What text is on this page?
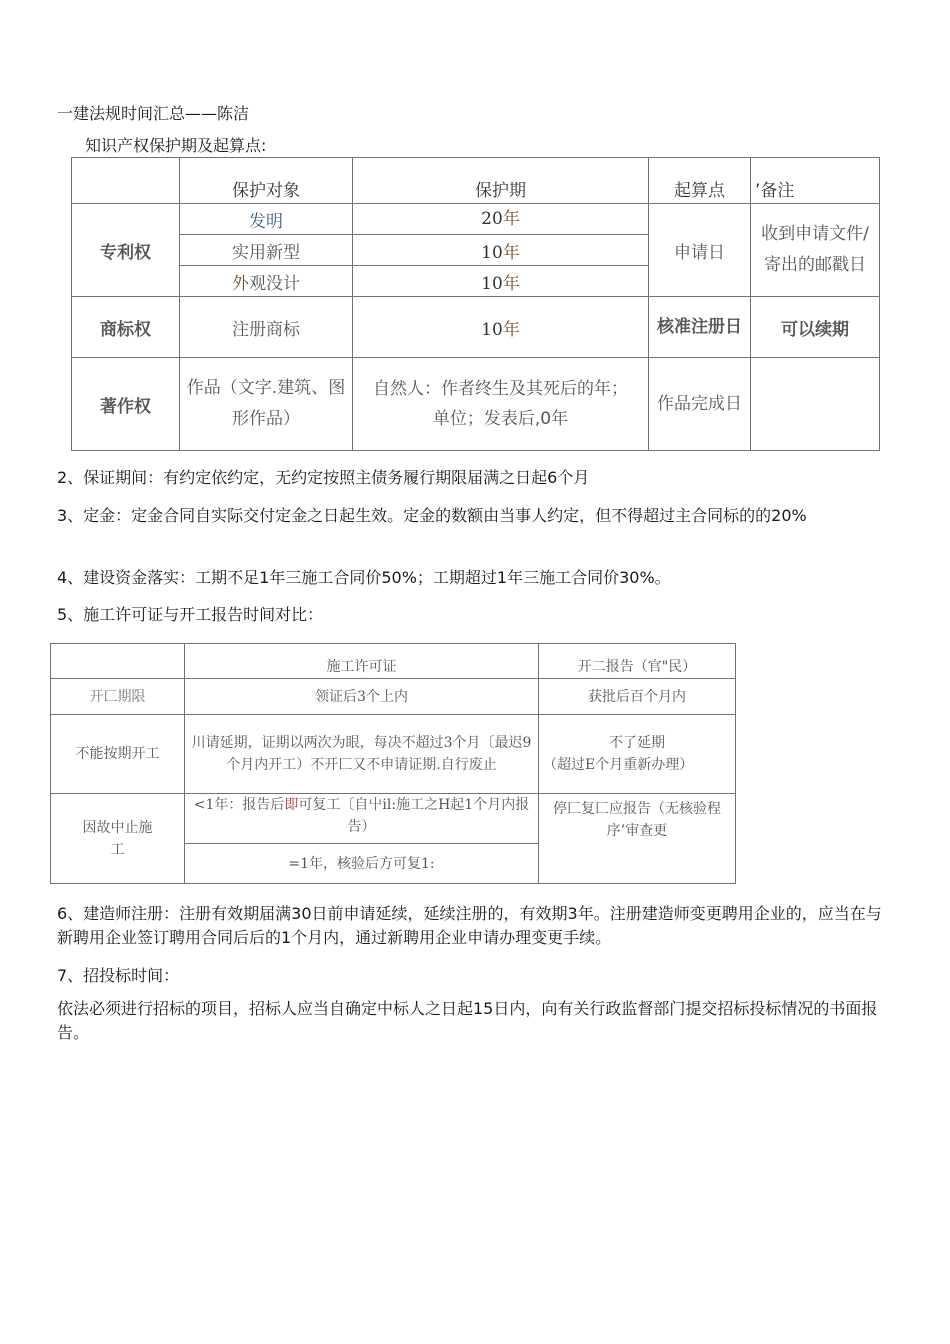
一建法规时间汇总——陈洁
知识产权保护期及起算点:
	保护对象	保护期	起算点	’备注
专利权	发明	20年	申请日	收到申请文件/寄出的邮戳日
	实用新型	10年		
	外观没计	10年		
商标权	注册商标	10年	核准注册日	可以续期
著作权	作品（文字.建筑、图形作品）	自然人：作者终生及其死后的年；
单位；发表后,0年	作品完成日	
2、保证期间：有约定依约定，无约定按照主债务履行期限届满之日起6个月
3、定金：定金合同自实际交付定金之日起生效。定金的数额由当事人约定，但不得超过主合同标的的20%
4、建设资金落实：工期不足1年三施工合同价50%；工期超过1年三施工合同价30%。
5、施工许可证与开工报告时间对比：
	施工许可证	开二报告（官"民）
开匚期限	领证后3个上内	获批后百个月内
不能按期开工	川请延期，证期以两次为眼，每决不超过3个月〔最迟9个月内开工）不开匚又不申请证期.自行废止	不了延期
（超过E个月重新办理）

因故中止施工	<1年：报告后即可复工〔自屮il:施工之H起1个月内报告）	停匚复匚应报告（无核验程序’审查更
	=1年，核验后方可复1:	
6、建造师注册：注册有效期届满30日前申请延续，延续注册的，有效期3年。注册建造师变更聘用企业的，应当在与新聘用企业签订聘用合同后后的1个月内，通过新聘用企业申请办理变更手续。
7、招投标时间：
依法必须进行招标的项目，招标人应当自确定中标人之日起15日内，向有关行政监督部门提交招标投标情况的书面报告。
